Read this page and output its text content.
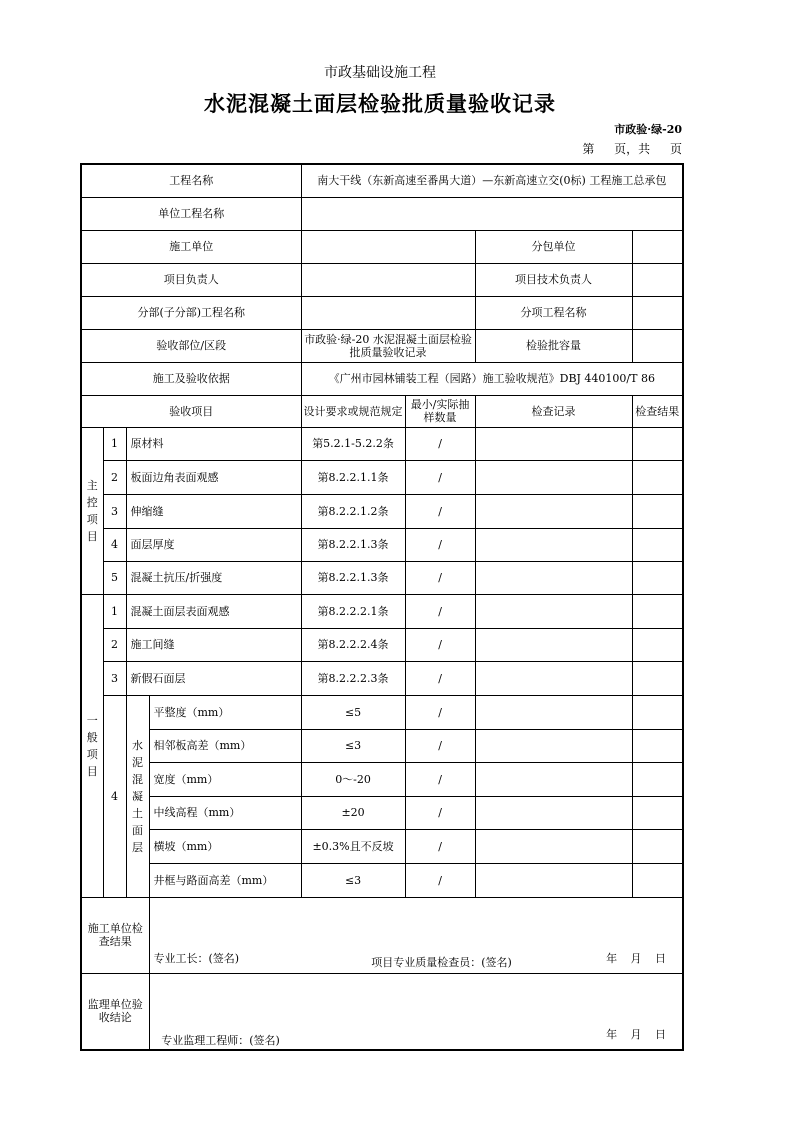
市政基础设施工程
水泥混凝土面层检验批质量验收记录
市政验·绿-20
第 页，共 页
工程名称				南大干线（东新高速至番禺大道）—东新高速立交(0标) 工程施工总承包			
单位工程名称							
施工单位						分包单位	
项目负责人						项目技术负责人	
分部(子分部)工程名称						分项工程名称	
验收部位/区段				市政验·绿-20 水泥混凝土面层检验批质量验收记录		检验批容量	
施工及验收依据				《广州市园林铺装工程（园路）施工验收规范》DBJ 440100/T 86			
验收项目				设计要求或规范规定	最小/实际抽样数量	检查记录	检查结果
主控项目	1	原材料		第5.2.1-5.2.2条	/		
	2	板面边角表面观感		第8.2.2.1.1条	/		
	3	伸缩缝		第8.2.2.1.2条	/		
	4	面层厚度		第8.2.2.1.3条	/		
	5	混凝土抗压/折强度		第8.2.2.1.3条	/		
一般项目	1	混凝土面层表面观感		第8.2.2.2.1条	/		
	2	施工间缝		第8.2.2.2.4条	/		
	3	新假石面层		第8.2.2.2.3条	/		
	4	水泥混凝土面层	平整度（mm）	≤5	/		
			相邻板高差（mm）	≤3	/		
			宽度（mm）	0～-20	/		
			中线高程（mm）	±20	/		
			横坡（mm）	±0.3%且不反坡	/		
			井框与路面高差（mm）	≤3	/		
施工单位检查结果			专业工长：(签名) 项目专业质量检查员：(签名) 年 月 日				

监理单位验收结论			专业监理工程师：(签名) 年 月 日				
